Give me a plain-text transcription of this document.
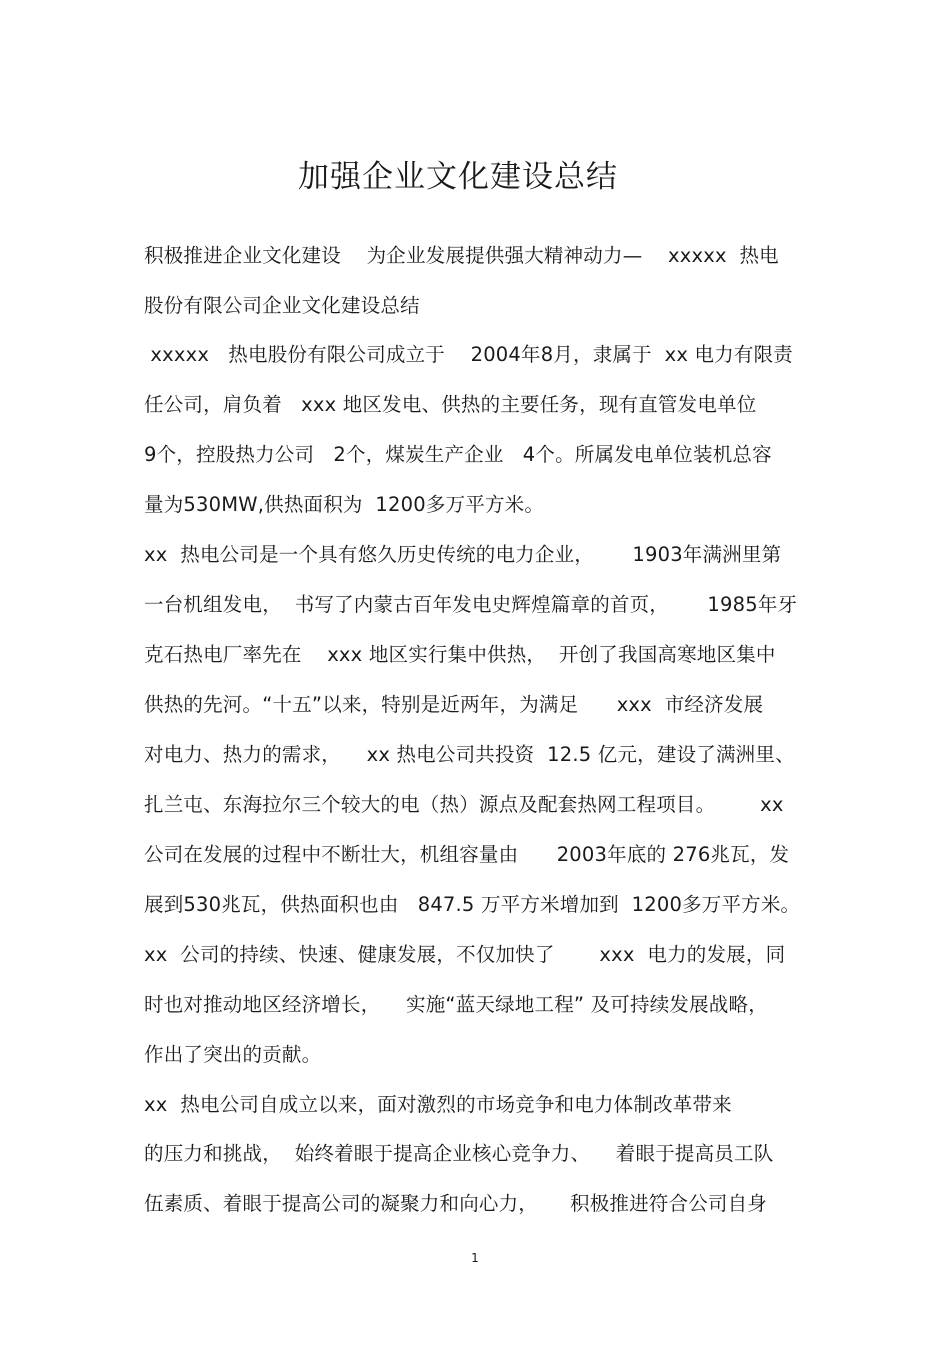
加强企业文化建设总结
积极推进企业文化建设    为企业发展提供强大精神动力—    xxxxx  热电
股份有限公司企业文化建设总结
xxxxx   热电股份有限公司成立于    2004年8月，隶属于  xx 电力有限责
任公司，肩负着   xxx 地区发电、供热的主要任务，现有直管发电单位
9个，控股热力公司   2个，煤炭生产企业   4个。所属发电单位装机总容
量为530MW,供热面积为  1200多万平方米。
xx  热电公司是一个具有悠久历史传统的电力企业，      1903年满洲里第
一台机组发电，  书写了内蒙古百年发电史辉煌篇章的首页，      1985年牙
克石热电厂率先在    xxx 地区实行集中供热，  开创了我国高寒地区集中
供热的先河。“十五”以来，特别是近两年，为满足      xxx  市经济发展
对电力、热力的需求，    xx 热电公司共投资  12.5 亿元，建设了满洲里、
扎兰屯、东海拉尔三个较大的电（热）源点及配套热网工程项目。       xx
公司在发展的过程中不断壮大，机组容量由      2003年底的 276兆瓦，发
展到530兆瓦，供热面积也由   847.5 万平方米增加到  1200多万平方米。
xx  公司的持续、快速、健康发展，不仅加快了       xxx  电力的发展，同
时也对推动地区经济增长，    实施“蓝天绿地工程” 及可持续发展战略，
作出了突出的贡献。
xx  热电公司自成立以来，面对激烈的市场竞争和电力体制改革带来
的压力和挑战，  始终着眼于提高企业核心竞争力、    着眼于提高员工队
伍素质、着眼于提高公司的凝聚力和向心力，     积极推进符合公司自身
1
